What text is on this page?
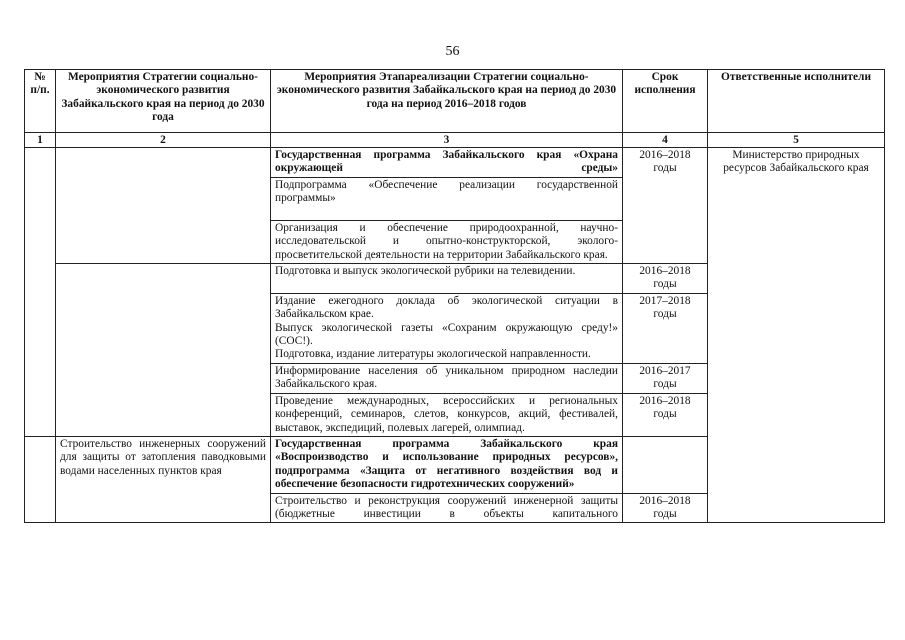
56
№ п/п.	Мероприятия Стратегии социально-экономического развития Забайкальского края на период до 2030 года	Мероприятия Этапареализации Стратегии социально-экономического развития Забайкальского края на период до 2030 года на период 2016–2018 годов	Срок исполнения	Ответственные исполнители
1	2	3	4	5
		Государственная программа Забайкальского края «Охрана окружающей среды»	2016–2018 годы	Министерство природных ресурсов Забайкальского края
		Подпрограмма «Обеспечение реализации государственной программы»		
		Организация и обеспечение природоохранной, научно-исследовательской и опытно-конструкторской, эколого-просветительской деятельности на территории Забайкальского края.		
		Подготовка и выпуск экологической рубрики на телевидении.	2016–2018 годы	

		Издание ежегодного доклада об экологической ситуации в Забайкальском крае.
Выпуск экологической газеты «Сохраним окружающую среду!» (СОС!).
Подготовка, издание литературы экологической направленности.	2017–2018 годы	
		Информирование населения об уникальном природном наследии Забайкальского края.	2016–2017 годы	
		Проведение международных, всероссийских и региональных конференций, семинаров, слетов, конкурсов, акций, фестивалей, выставок, экспедиций, полевых лагерей, олимпиад.	2016–2018 годы	
	Строительство инженерных сооружений для защиты от затопления паводковыми водами населенных пунктов края	Государственная программа Забайкальского края «Воспроизводство и использование природных ресурсов», подпрограмма «Защита от негативного воздействия вод и обеспечение безопасности гидротехнических сооружений»		
		Строительство и реконструкция сооружений инженерной защиты (бюджетные инвестиции в объекты капитального	2016–2018 годы	
